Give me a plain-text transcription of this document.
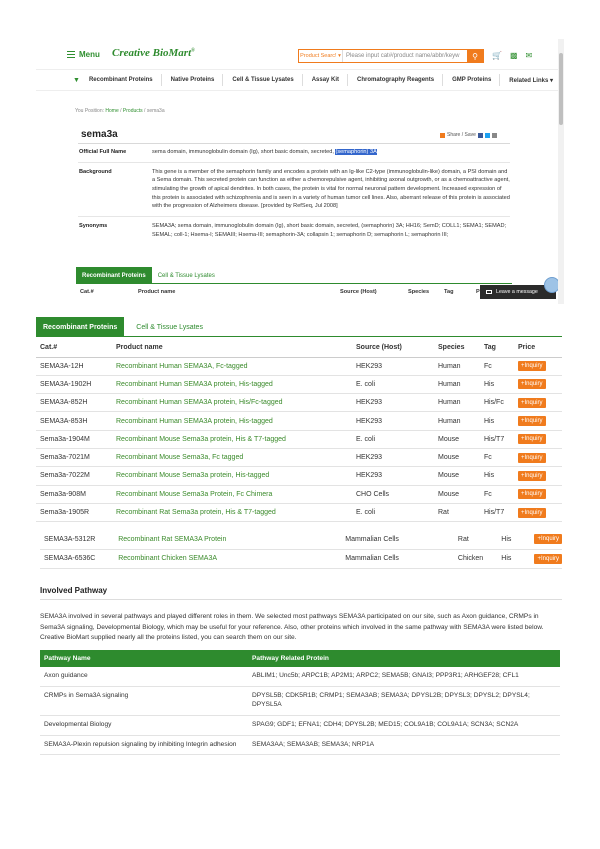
Menu Creative BioMart®
Product Searc! ▾ Please input cat#/product name/abbr/keyw	⚲ 🛒 ▩ ✉
▼ Recombinant Proteins	Native Proteins	Cell & Tissue Lysates	Assay Kit	Chromatography Reagents	GMP Proteins	Related Links ▾
You Position: Home / Products / sema3a
sema3a	Share / Save
Official Full Name	sema domain, immunoglobulin domain (Ig), short basic domain, secreted, (semaphorin) 3A
Background	This gene is a member of the semaphorin family and encodes a protein with an Ig-like C2-type (immunoglobulin-like) domain, a PSI domain and a Sema domain. This secreted protein can function as either a chemorepulsive agent, inhibiting axonal outgrowth, or as a chemoattractive agent, stimulating the growth of apical dendrites. In both cases, the protein is vital for normal neuronal pattern development. Increased expression of this protein is associated with schizophrenia and is seen in a variety of human tumor cell lines. Also, aberrant release of this protein is associated with the progression of Alzheimers disease. [provided by RefSeq, Jul 2008]
Synonyms	SEMA3A; sema domain, immunoglobulin domain (Ig), short basic domain, secreted, (semaphorin) 3A; HH16; SemD; COLL1; SEMA1; SEMAD; SEMAL; coll-1; Hsema-I; SEMAIII; Hsema-III; semaphorin-3A; collapsin 1; semaphorin D; semaphorin L; semaphorin III;
Recombinant Proteins	Cell & Tissue Lysates
Cat.#	Product name	Source (Host)	Species	Tag	P	Leave a message
Recombinant Proteins	Cell & Tissue Lysates
Cat.#	Product name	Source (Host)	Species	Tag	Price
SEMA3A-12H	Recombinant Human SEMA3A, Fc-tagged	HEK293	Human	Fc	+Inquiry
SEMA3A-1902H	Recombinant Human SEMA3A protein, His-tagged	E. coli	Human	His	+Inquiry
SEMA3A-852H	Recombinant Human SEMA3A protein, His/Fc-tagged	HEK293	Human	His/Fc	+Inquiry
SEMA3A-853H	Recombinant Human SEMA3A protein, His-tagged	HEK293	Human	His	+Inquiry
Sema3a-1904M	Recombinant Mouse Sema3a protein, His & T7-tagged	E. coli	Mouse	His/T7	+Inquiry
Sema3a-7021M	Recombinant Mouse Sema3a, Fc tagged	HEK293	Mouse	Fc	+Inquiry
Sema3a-7022M	Recombinant Mouse Sema3a protein, His-tagged	HEK293	Mouse	His	+Inquiry
Sema3a-908M	Recombinant Mouse Sema3a Protein, Fc Chimera	CHO Cells	Mouse	Fc	+Inquiry
Sema3a-1905R	Recombinant Rat Sema3a protein, His & T7-tagged	E. coli	Rat	His/T7	+Inquiry
SEMA3A-5312R	Recombinant Rat SEMA3A Protein	Mammalian Cells	Rat	His	+Inquiry
SEMA3A-6536C	Recombinant Chicken SEMA3A	Mammalian Cells	Chicken	His	+Inquiry
Involved Pathway
SEMA3A involved in several pathways and played different roles in them. We selected most pathways SEMA3A participated on our site, such as Axon guidance, CRMPs in Sema3A signaling, Developmental Biology, which may be useful for your reference. Also, other proteins which involved in the same pathway with SEMA3A were listed below. Creative BioMart supplied nearly all the proteins listed, you can search them on our site.
Pathway Name	Pathway Related Protein
Axon guidance	ABLIM1; Unc5b; ARPC1B; AP2M1; ARPC2; SEMA5B; GNAI3; PPP3R1; ARHGEF28; CFL1
CRMPs in Sema3A signaling	DPYSL5B; CDK5R1B; CRMP1; SEMA3AB; SEMA3A; DPYSL2B; DPYSL3; DPYSL2; DPYSL4; DPYSL5A
Developmental Biology	SPAG9; GDF1; EFNA1; CDH4; DPYSL2B; MED15; COL9A1B; COL9A1A; SCN3A; SCN2A
SEMA3A-Plexin repulsion signaling by inhibiting Integrin adhesion	SEMA3AA; SEMA3AB; SEMA3A; NRP1A
